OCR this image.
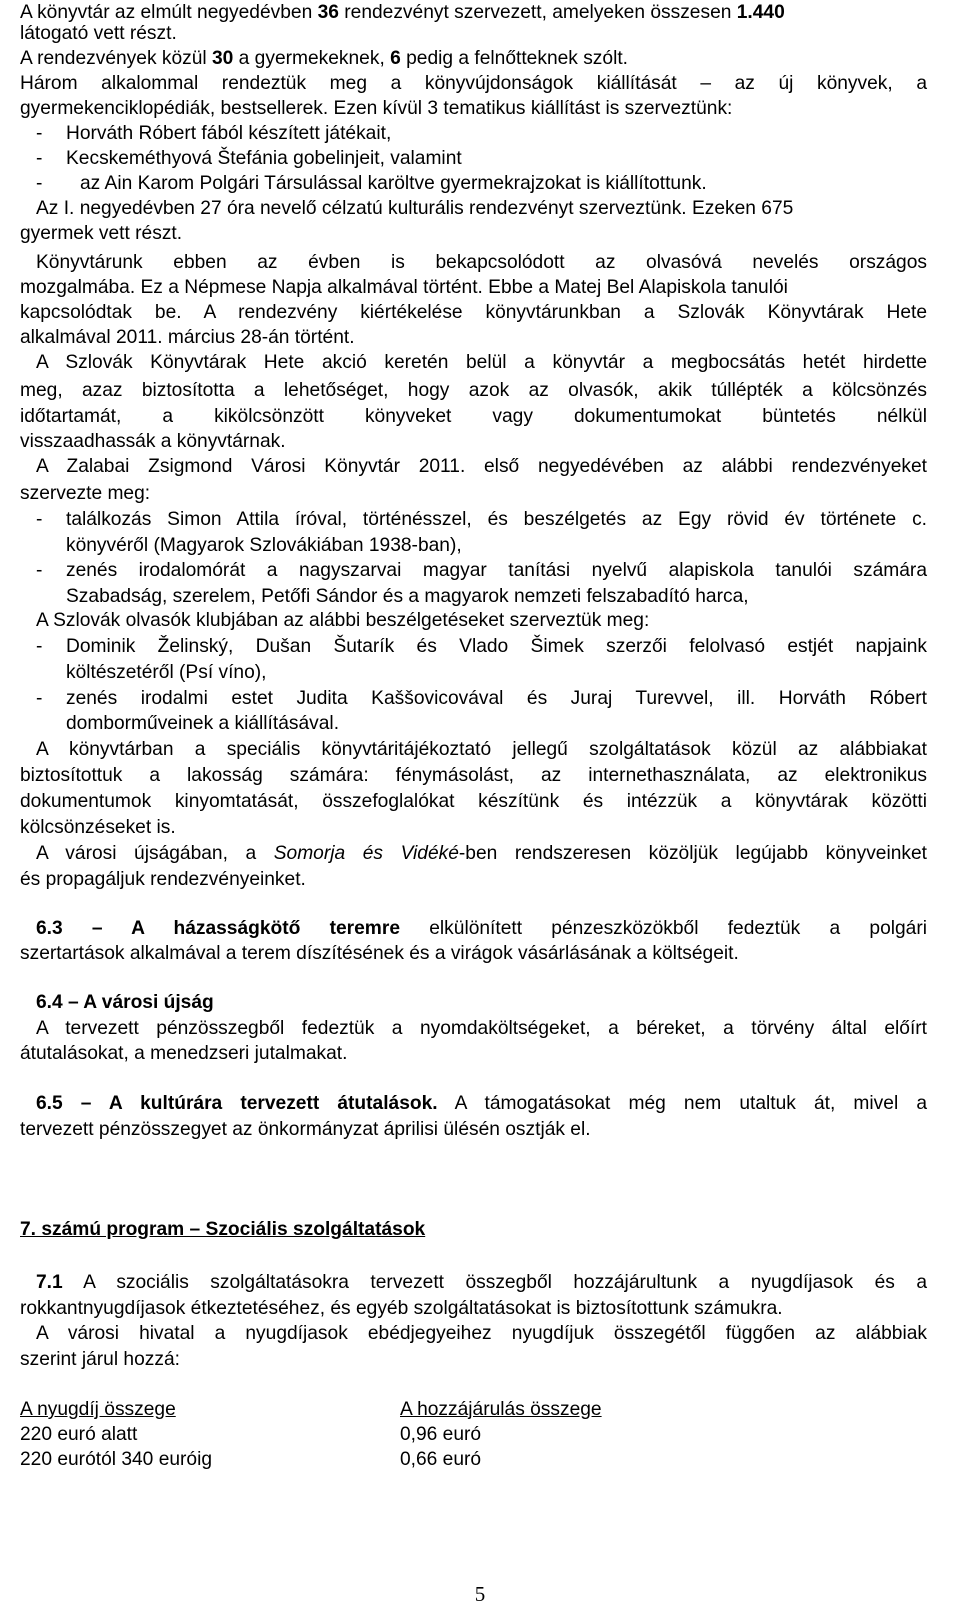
A könyvtár az elmúlt negyedévben 36 rendezvényt szervezett, amelyeken összesen 1.440
látogató vett részt.
A rendezvények közül 30 a gyermekeknek, 6 pedig a felnőtteknek szólt.
Három alkalommal rendeztük meg a könyvújdonságok kiállítását – az új könyvek, a
gyermekenciklopédiák, bestsellerek. Ezen kívül 3 tematikus kiállítást is szerveztünk:
- Horváth Róbert fából készített játékait,
- Kecskeméthyová Štefánia gobelinjeit, valamint
- az Ain Karom Polgári Társulással karöltve gyermekrajzokat is kiállítottunk.
Az I. negyedévben 27 óra nevelő célzatú kulturális rendezvényt szerveztünk. Ezeken 675
gyermek vett részt.
Könyvtárunk ebben az évben is bekapcsolódott az olvasóvá nevelés országos
mozgalmába. Ez a Népmese Napja alkalmával történt. Ebbe a Matej Bel Alapiskola tanulói
kapcsolódtak be. A rendezvény kiértékelése könyvtárunkban a Szlovák Könyvtárak Hete
alkalmával 2011. március 28-án történt.
A Szlovák Könyvtárak Hete akció keretén belül a könyvtár a megbocsátás hetét hirdette
meg, azaz biztosította a lehetőséget, hogy azok az olvasók, akik túllépték a kölcsönzés
időtartamát, a kikölcsönzött könyveket vagy dokumentumokat büntetés nélkül
visszaadhassák a könyvtárnak.
A Zalabai Zsigmond Városi Könyvtár 2011. első negyedévében az alábbi rendezvényeket
szervezte meg:
- találkozás Simon Attila íróval, történésszel, és beszélgetés az Egy rövid év története c.
könyvéről (Magyarok Szlovákiában 1938-ban),
- zenés irodalomórát a nagyszarvai magyar tanítási nyelvű alapiskola tanulói számára
Szabadság, szerelem, Petőfi Sándor és a magyarok nemzeti felszabadító harca,
A Szlovák olvasók klubjában az alábbi beszélgetéseket szerveztük meg:
- Dominik Želinský, Dušan Šutarík és Vlado Šimek szerzői felolvasó estjét napjaink
költészetéről (Psí víno),
- zenés irodalmi estet Judita Kaššovicovával és Juraj Turevvel, ill. Horváth Róbert
domborműveinek a kiállításával.
A könyvtárban a speciális könyvtáritájékoztató jellegű szolgáltatások közül az alábbiakat
biztosítottuk a lakosság számára: fénymásolást, az internethasználata, az elektronikus
dokumentumok kinyomtatását, összefoglalókat készítünk és intézzük a könyvtárak közötti
kölcsönzéseket is.
A városi újságában, a Somorja és Vidéké-ben rendszeresen közöljük legújabb könyveinket
és propagáljuk rendezvényeinket.
6.3 – A házasságkötő teremre elkülönített pénzeszközökből fedeztük a polgári
szertartások alkalmával a terem díszítésének és a virágok vásárlásának a költségeit.
6.4 – A városi újság
A tervezett pénzösszegből fedeztük a nyomdaköltségeket, a béreket, a törvény által előírt
átutalásokat, a menedzseri jutalmakat.
6.5 – A kultúrára tervezett átutalások. A támogatásokat még nem utaltuk át, mivel a
tervezett pénzösszegyet az önkormányzat áprilisi ülésén osztják el.
7. számú program – Szociális szolgáltatások
7.1 A szociális szolgáltatásokra tervezett összegből hozzájárultunk a nyugdíjasok és a
rokkantnyugdíjasok étkeztetéséhez, és egyéb szolgáltatásokat is biztosítottunk számukra.
A városi hivatal a nyugdíjasok ebédjegyeihez nyugdíjuk összegétől függően az alábbiak
szerint járul hozzá:
A nyugdíj összege	A hozzájárulás összege
220 euró alatt	0,96 euró
220 eurótól 340 euróig	0,66 euró
5
